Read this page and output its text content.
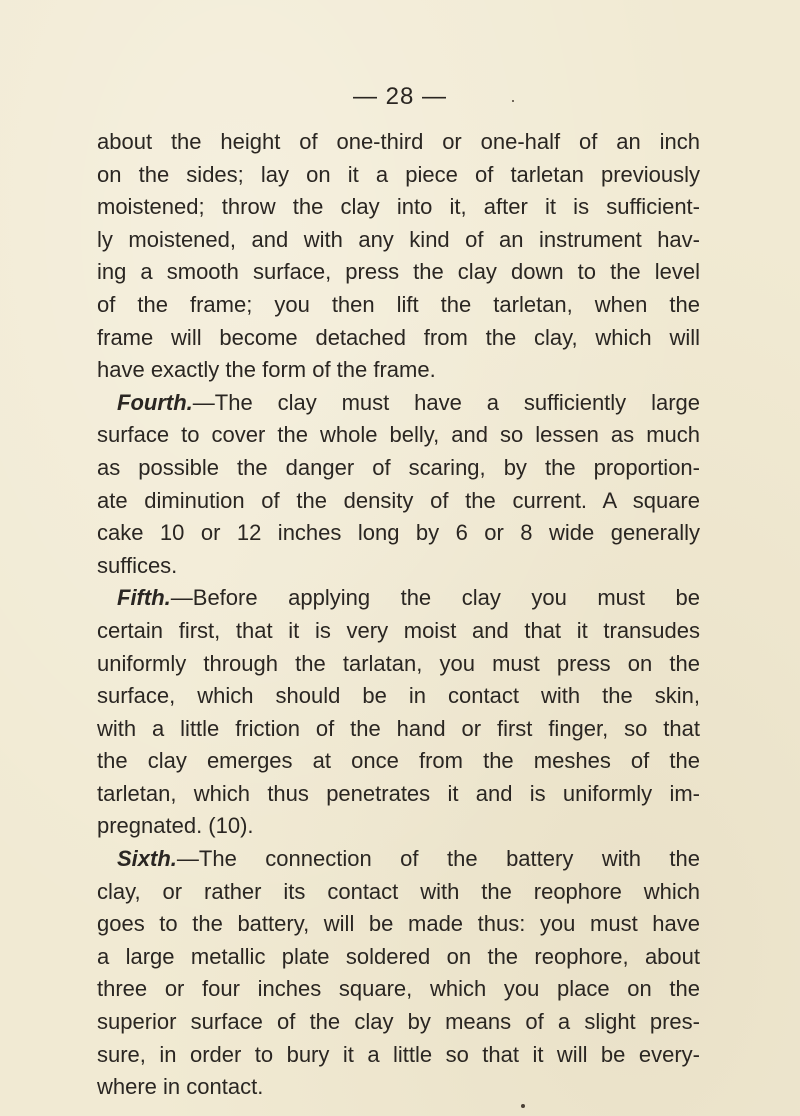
— 28 —
about the height of one-third or one-half of an inch
on the sides; lay on it a piece of tarletan previously
moistened; throw the clay into it, after it is sufficient-
ly moistened, and with any kind of an instrument hav-
ing a smooth surface, press the clay down to the level
of the frame; you then lift the tarletan, when the
frame will become detached from the clay, which will
have exactly the form of the frame.
Fourth.—The clay must have a sufficiently large
surface to cover the whole belly, and so lessen as much
as possible the danger of scaring, by the proportion-
ate diminution of the density of the current. A square
cake 10 or 12 inches long by 6 or 8 wide generally
suffices.
Fifth.—Before applying the clay you must be
certain first, that it is very moist and that it transudes
uniformly through the tarlatan, you must press on the
surface, which should be in contact with the skin,
with a little friction of the hand or first finger, so that
the clay emerges at once from the meshes of the
tarletan, which thus penetrates it and is uniformly im-
pregnated. (10).
Sixth.—The connection of the battery with the
clay, or rather its contact with the reophore which
goes to the battery, will be made thus: you must have
a large metallic plate soldered on the reophore, about
three or four inches square, which you place on the
superior surface of the clay by means of a slight pres-
sure, in order to bury it a little so that it will be every-
where in contact.
